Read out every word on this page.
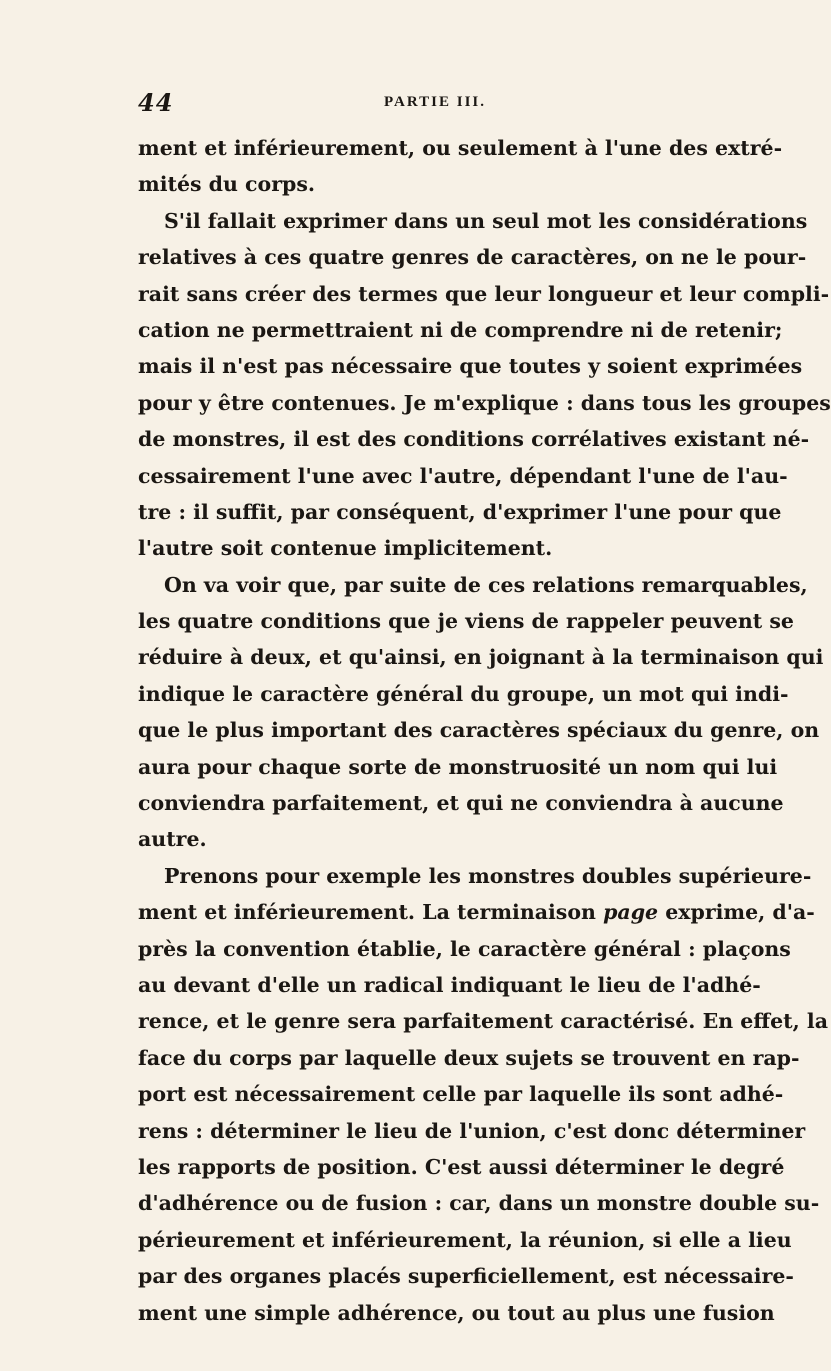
44	PARTIE III.
ment et inférieurement, ou seulement à l'une des extré-
mités du corps.
S'il fallait exprimer dans un seul mot les considérations
relatives à ces quatre genres de caractères, on ne le pour-
rait sans créer des termes que leur longueur et leur compli-
cation ne permettraient ni de comprendre ni de retenir;
mais il n'est pas nécessaire que toutes y soient exprimées
pour y être contenues. Je m'explique : dans tous les groupes
de monstres, il est des conditions corrélatives existant né-
cessairement l'une avec l'autre, dépendant l'une de l'au-
tre : il suffit, par conséquent, d'exprimer l'une pour que
l'autre soit contenue implicitement.
On va voir que, par suite de ces relations remarquables,
les quatre conditions que je viens de rappeler peuvent se
réduire à deux, et qu'ainsi, en joignant à la terminaison qui
indique le caractère général du groupe, un mot qui indi-
que le plus important des caractères spéciaux du genre, on
aura pour chaque sorte de monstruosité un nom qui lui
conviendra parfaitement, et qui ne conviendra à aucune
autre.
Prenons pour exemple les monstres doubles supérieure-
ment et inférieurement. La terminaison page exprime, d'a-
près la convention établie, le caractère général : plaçons
au devant d'elle un radical indiquant le lieu de l'adhé-
rence, et le genre sera parfaitement caractérisé. En effet, la
face du corps par laquelle deux sujets se trouvent en rap-
port est nécessairement celle par laquelle ils sont adhé-
rens : déterminer le lieu de l'union, c'est donc déterminer
les rapports de position. C'est aussi déterminer le degré
d'adhérence ou de fusion : car, dans un monstre double su-
périeurement et inférieurement, la réunion, si elle a lieu
par des organes placés superficiellement, est nécessaire-
ment une simple adhérence, ou tout au plus une fusion
